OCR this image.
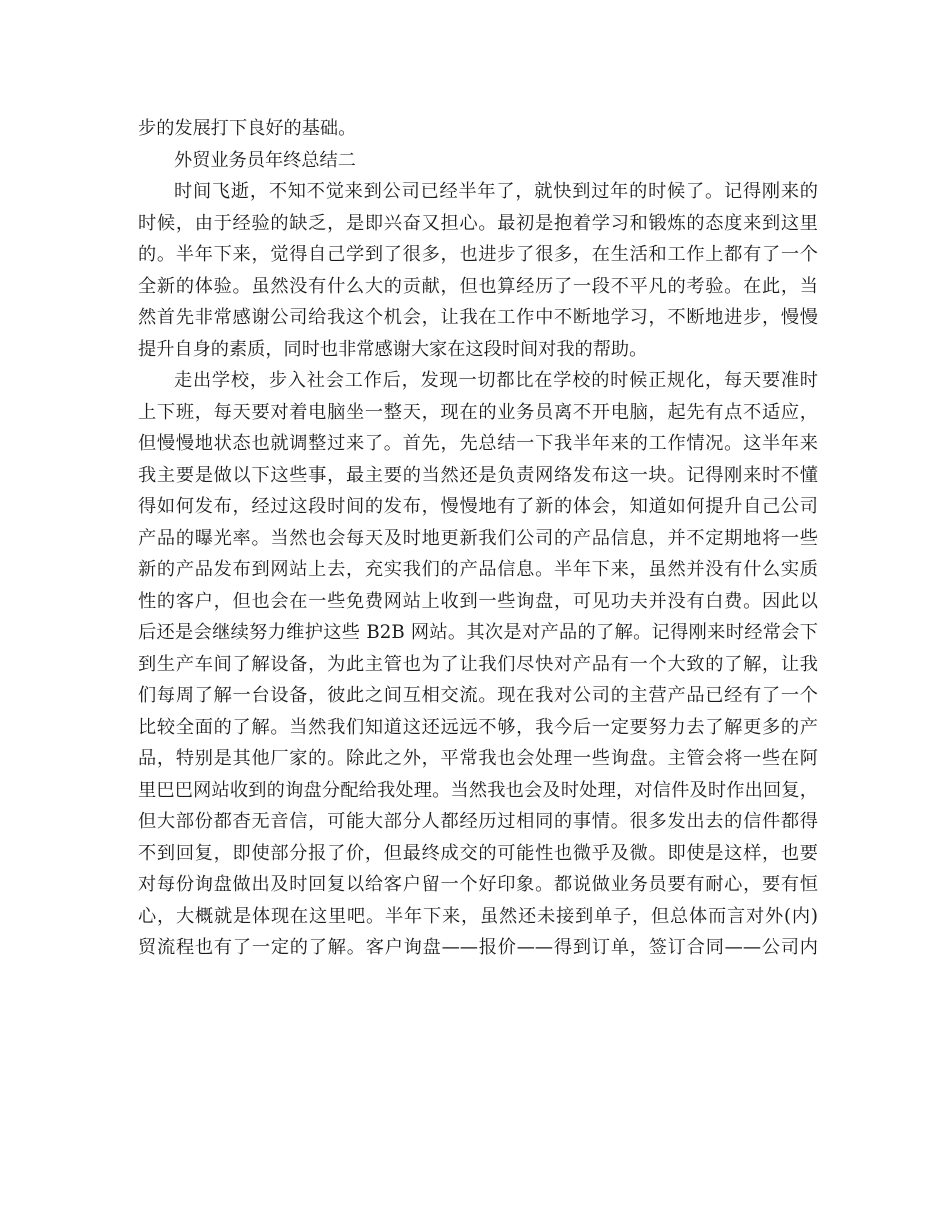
步的发展打下良好的基础。
外贸业务员年终总结二
时间飞逝，不知不觉来到公司已经半年了，就快到过年的时候了。记得刚来的
时候，由于经验的缺乏，是即兴奋又担心。最初是抱着学习和锻炼的态度来到这里
的。半年下来，觉得自己学到了很多，也进步了很多，在生活和工作上都有了一个
全新的体验。虽然没有什么大的贡献，但也算经历了一段不平凡的考验。在此，当
然首先非常感谢公司给我这个机会，让我在工作中不断地学习，不断地进步，慢慢
提升自身的素质，同时也非常感谢大家在这段时间对我的帮助。
走出学校，步入社会工作后，发现一切都比在学校的时候正规化，每天要准时
上下班，每天要对着电脑坐一整天，现在的业务员离不开电脑，起先有点不适应，
但慢慢地状态也就调整过来了。首先，先总结一下我半年来的工作情况。这半年来
我主要是做以下这些事，最主要的当然还是负责网络发布这一块。记得刚来时不懂
得如何发布，经过这段时间的发布，慢慢地有了新的体会，知道如何提升自己公司
产品的曝光率。当然也会每天及时地更新我们公司的产品信息，并不定期地将一些
新的产品发布到网站上去，充实我们的产品信息。半年下来，虽然并没有什么实质
性的客户，但也会在一些免费网站上收到一些询盘，可见功夫并没有白费。因此以
后还是会继续努力维护这些 B2B 网站。其次是对产品的了解。记得刚来时经常会下
到生产车间了解设备，为此主管也为了让我们尽快对产品有一个大致的了解，让我
们每周了解一台设备，彼此之间互相交流。现在我对公司的主营产品已经有了一个
比较全面的了解。当然我们知道这还远远不够，我今后一定要努力去了解更多的产
品，特别是其他厂家的。除此之外，平常我也会处理一些询盘。主管会将一些在阿
里巴巴网站收到的询盘分配给我处理。当然我也会及时处理，对信件及时作出回复，
但大部份都杳无音信，可能大部分人都经历过相同的事情。很多发出去的信件都得
不到回复，即使部分报了价，但最终成交的可能性也微乎及微。即使是这样，也要
对每份询盘做出及时回复以给客户留一个好印象。都说做业务员要有耐心，要有恒
心，大概就是体现在这里吧。半年下来，虽然还未接到单子，但总体而言对外(内)
贸流程也有了一定的了解。客户询盘——报价——得到订单，签订合同——公司内
